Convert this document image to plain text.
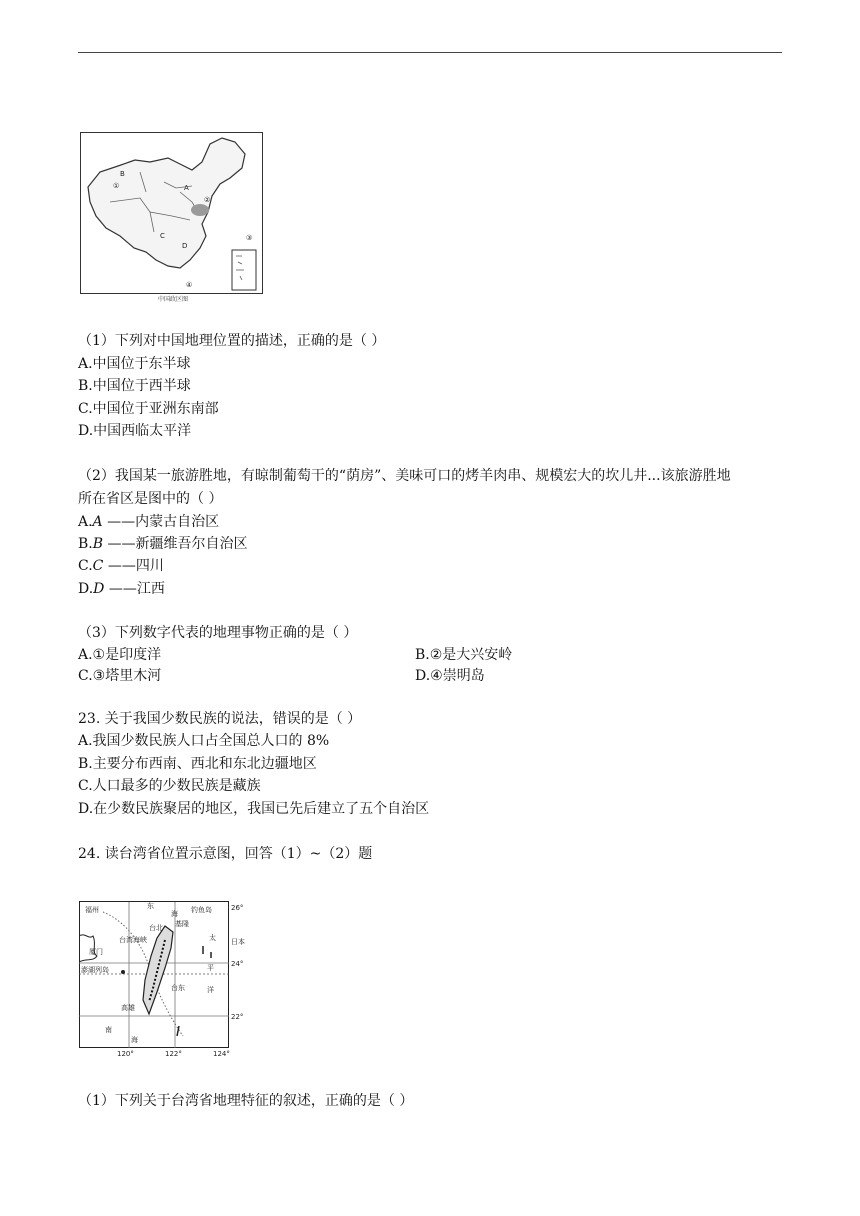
A
B
C
D
①
②
③
④
中国政区图
（1）下列对中国地理位置的描述，正确的是（ ）
A.中国位于东半球
B.中国位于西半球
C.中国位于亚洲东南部
D.中国西临太平洋
（2）我国某一旅游胜地，有晾制葡萄干的“荫房”、美味可口的烤羊肉串、规模宏大的坎儿井...该旅游胜地
所在省区是图中的（ ）
A.𝐴 ——内蒙古自治区
B.𝐵 ——新疆维吾尔自治区
C.𝐶 ——四川
D.𝐷 ——江西
（3）下列数字代表的地理事物正确的是（ ）
A.①是印度洋	B.②是大兴安岭
C.③塔里木河	D.④崇明岛
23. 关于我国少数民族的说法，错误的是（ ）
A.我国少数民族人口占全国总人口的 8%
B.主要分布西南、西北和东北边疆地区
C.人口最多的少数民族是藏族
D.在少数民族聚居的地区，我国已先后建立了五个自治区
24. 读台湾省位置示意图，回答（1）~（2）题
26°
24°
22°
120°	122°	124°
福州	东
海 钓鱼岛
台北 基隆
太
平
洋
日本
厦门
澎湖列岛
台东
高雄
南
海
台湾海峡
（1）下列关于台湾省地理特征的叙述，正确的是（ ）
